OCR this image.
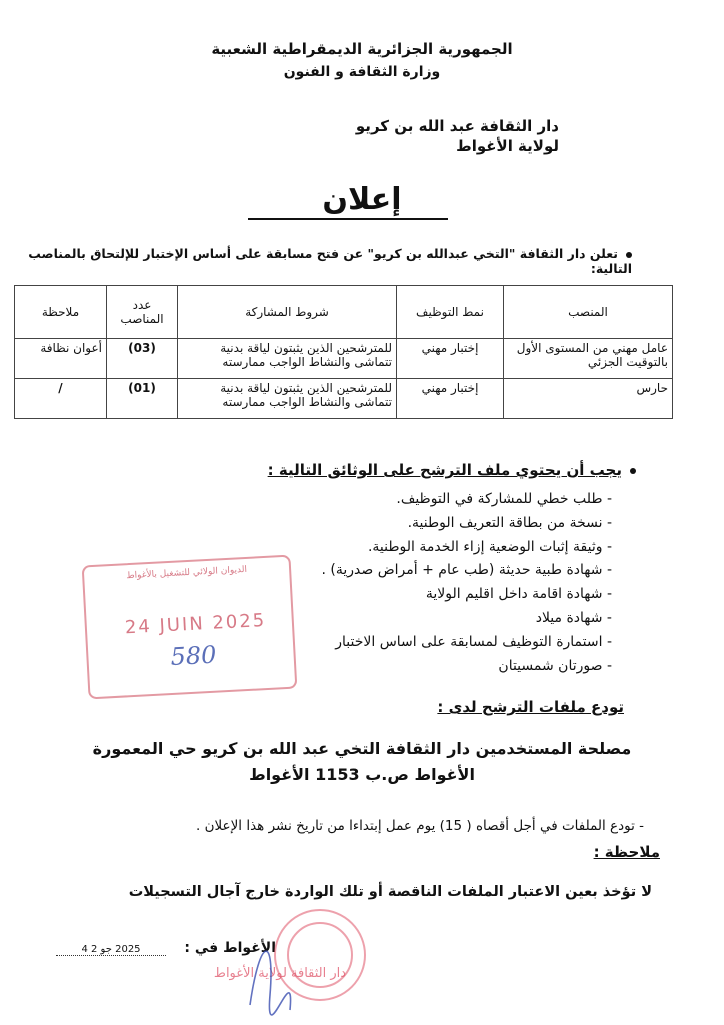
الجمهورية الجزائرية الديمقراطية الشعبية
وزارة الثقافة و الفنون
دار الثقافة عبد الله بن كريو
لولاية الأغواط
إعلان
تعلن دار الثقافة "التخي عبدالله بن كريو" عن فتح مسابقة على أساس الإختبار للإلتحاق بالمناصب التالية:
المنصب	نمط التوظيف	شروط المشاركة	عدد المناصب	ملاحظة
عامل مهني من المستوى الأول بالتوقيت الجزئي	إختبار مهني	للمترشحين الذين يثبتون لياقة بدنية تتماشى والنشاط الواجب ممارسته	(03)	أعوان نظافة
حارس	إختبار مهني	للمترشحين الذين يثبتون لياقة بدنية تتماشى والنشاط الواجب ممارسته	(01)	/
يجب أن يحتوي ملف الترشح على الوثائق التالية :
- طلب خطي للمشاركة في التوظيف.
- نسخة من بطاقة التعريف الوطنية.
- وثيقة إثبات الوضعية إزاء الخدمة الوطنية.
- شهادة طبية حديثة (طب عام + أمراض صدرية) .
- شهادة اقامة داخل اقليم الولاية
- شهادة ميلاد
- استمارة التوظيف لمسابقة على اساس الاختبار
- صورتان شمسيتان
الديوان الولائي للتشغيل بالأغواط
24 JUIN 2025
580
تودع ملفات الترشح لدى :
مصلحة المستخدمين دار الثقافة التخي عبد الله بن كريو حي المعمورة
الأغواط ص.ب 1153 الأغواط
- تودع الملفات في أجل أقصاه ( 15) يوم عمل إبتداءا من تاريخ نشر هذا الإعلان .
ملاحظة :
لا تؤخذ بعين الاعتبار الملفات الناقصة أو تلك الواردة خارج آجال التسجيلات
الأغواط في :
2025 جو 2 4
دار الثقافة لولاية الأغواط
